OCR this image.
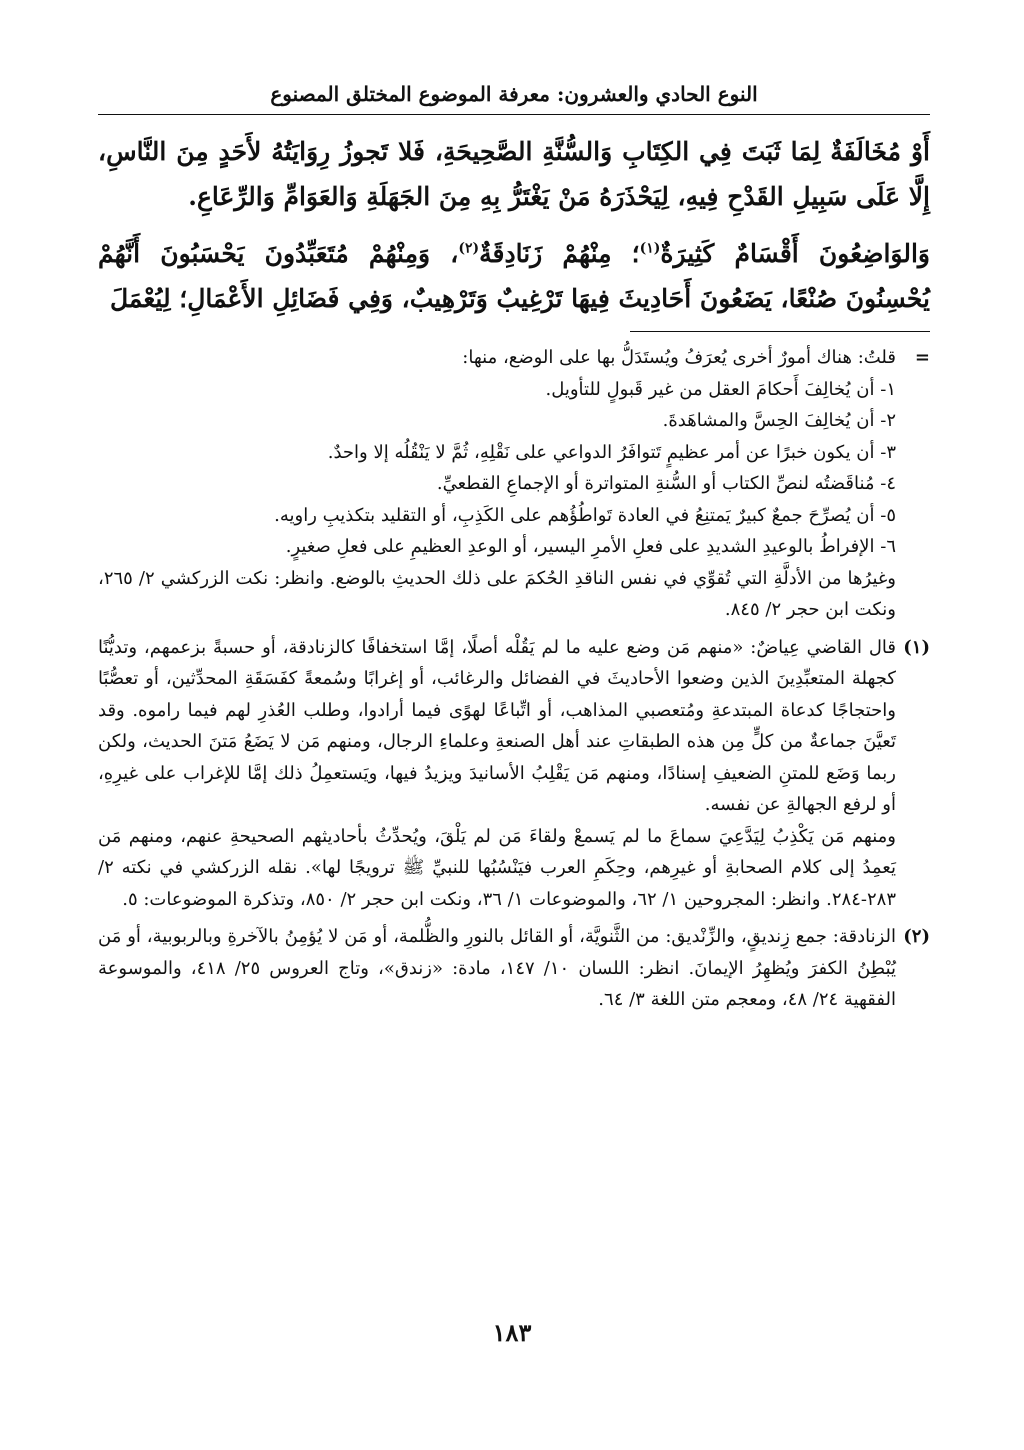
النوع الحادي والعشرون: معرفة الموضوع المختلق المصنوع

أَوْ مُخَالَفَةٌ لِمَا ثَبَتَ فِي الكِتَابِ وَالسُّنَّةِ الصَّحِيحَةِ، فَلا تَجوزُ رِوَايَتُهُ لأَحَدٍ مِنَ النَّاسِ، إِلَّا عَلَى سَبِيلِ القَدْحِ فِيهِ، لِيَحْذَرَهُ مَنْ يَغْتَرُّ بِهِ مِنَ الجَهَلَةِ وَالعَوَامِّ وَالرِّعَاعِ.

وَالوَاضِعُونَ أَقْسَامٌ كَثِيرَةٌ$^{(١)}$؛ مِنْهُمْ زَنَادِقَةٌ$^{(٢)}$، وَمِنْهُمْ مُتَعَبِّدُونَ يَحْسَبُونَ أَنَّهُمْ يُحْسِنُونَ صُنْعًا، يَضَعُونَ أَحَادِيثَ فِيهَا تَرْغِيبٌ وَتَرْهِيبٌ، وَفِي فَضَائِلِ الأَعْمَالِ؛ لِيُعْمَلَ

=

قلتُ: هناك أمورٌ أخرى يُعرَفُ ويُستَدَلُّ بها على الوضع، منها:

١- أن يُخالِفَ أَحكامَ العقل من غير قَبولٍ للتأويل.
٢- أن يُخالِفَ الحِسَّ والمشاهَدةَ.
٣- أن يكون خبرًا عن أمر عظيمٍ تَتوافَرُ الدواعي على نَقْلِهِ، ثُمَّ لا يَنْقُلُه إلا واحدٌ.
٤- مُناقَضتُه لنصِّ الكتاب أو السُّنةِ المتواترة أو الإجماعِ القطعيِّ.
٥- أن يُصرِّحَ جمعٌ كبيرٌ يَمتنِعُ في العادة تَواطُؤُهم على الكَذِبِ، أو التقليد بتكذيبِ راويه.
٦- الإفراطُ بالوعيدِ الشديدِ على فعلِ الأمرِ اليسير، أو الوعدِ العظيمِ على فعلِ صغيرٍ.

وغيرُها من الأدلَّةِ التي تُقوِّي في نفس الناقدِ الحُكمَ على ذلك الحديثِ بالوضع. وانظر: نكت الزركشي ٢/ ٢٦٥، ونكت ابن حجر ٢/ ٨٤٥.

(١)

قال القاضي عِياضٌ: «منهم مَن وضع عليه ما لم يَقُلْه أصلًا، إمَّا استخفافًا كالزنادقة، أو حسبةً بزعمهم، وتديُّنًا كجهلة المتعبِّدِينَ الذين وضعوا الأحاديثَ في الفضائل والرغائب، أو إغرابًا وسُمعةً كفَسَقَةِ المحدِّثين، أو تعصُّبًا واحتجاجًا كدعاة المبتدعةِ ومُتعصبي المذاهب، أو اتِّباعًا لهوًى فيما أرادوا، وطلب العُذرِ لهم فيما راموه. وقد تَعيَّنَ جماعةٌ من كلٍّ مِن هذه الطبقاتِ عند أهل الصنعةِ وعلماءِ الرجال، ومنهم مَن لا يَضَعُ مَتنَ الحديث، ولكن ربما وَضَع للمتنِ الضعيفِ إسنادًا، ومنهم مَن يَقْلِبُ الأسانيدَ ويزيدُ فيها، ويَستعمِلُ ذلك إمَّا للإغراب على غيرِهِ، أو لرفع الجهالةِ عن نفسه.

ومنهم مَن يَكْذِبُ لِيَدَّعِيَ سماعَ ما لم يَسمعْ ولقاءَ مَن لم يَلْقَ، ويُحدِّثُ بأحاديثهم الصحيحةِ عنهم، ومنهم مَن يَعمِدُ إلى كلام الصحابةِ أو غيرِهم، وحِكَمِ العرب فيَنْسُبُها للنبيِّ ﷺ ترويجًا لها». نقله الزركشي في نكته ٢/ ٢٨٣-٢٨٤. وانظر: المجروحين ١/ ٦٢، والموضوعات ١/ ٣٦، ونكت ابن حجر ٢/ ٨٥٠، وتذكرة الموضوعات: ٥.

(٢)

الزنادقة: جمع زِنديقٍ، والزِّنْديق: من الثَّنويَّة، أو القائل بالنورِ والظُّلمة، أو مَن لا يُؤمِنُ بالآخرةِ وبالربوبية، أو مَن يُبْطِنُ الكفرَ ويُظهِرُ الإيمانَ. انظر: اللسان ١٠/ ١٤٧، مادة: «زندق»، وتاج العروس ٢٥/ ٤١٨، والموسوعة الفقهية ٢٤/ ٤٨، ومعجم متن اللغة ٣/ ٦٤.

١٨٣
